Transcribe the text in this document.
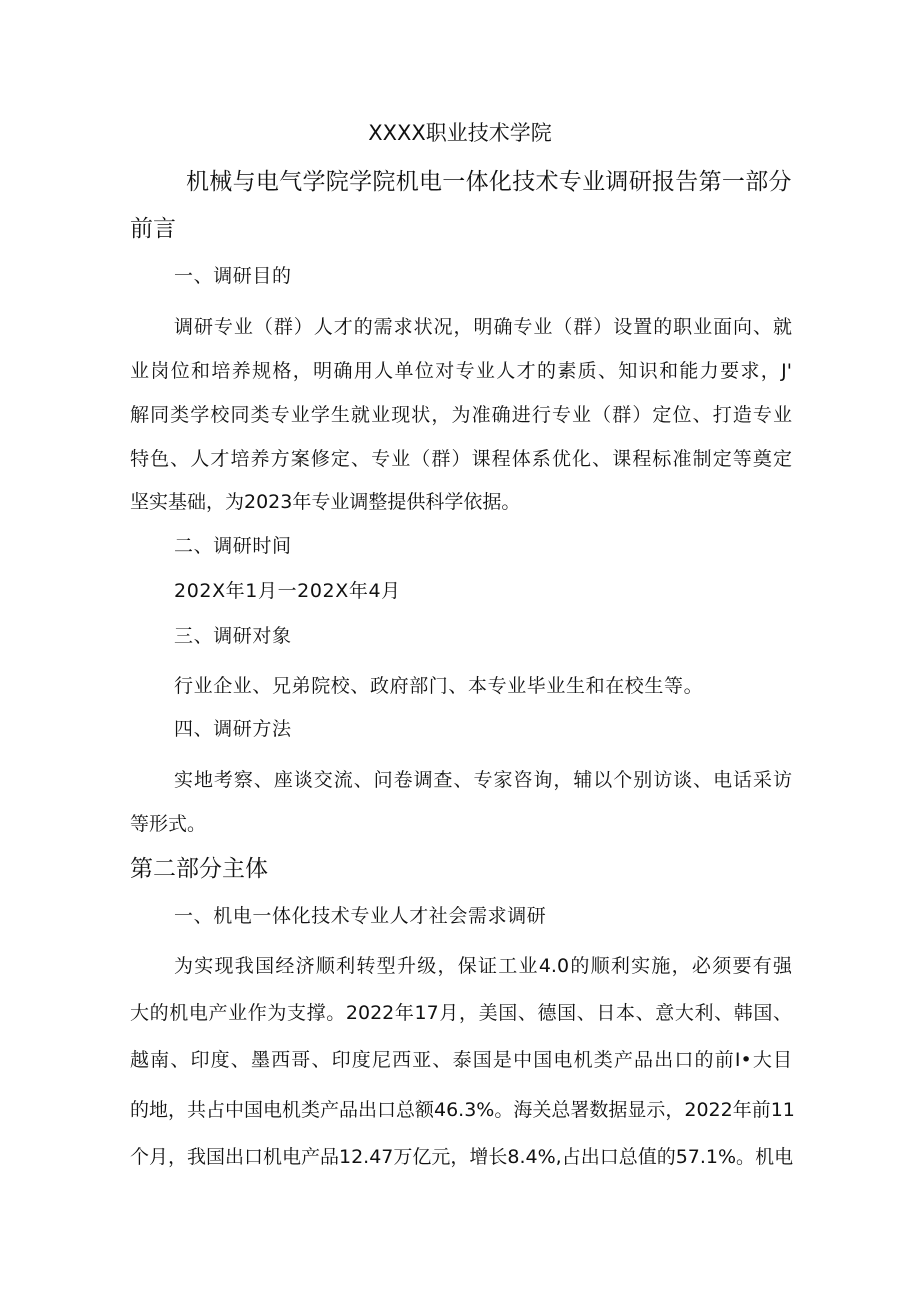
XXXX职业技术学院
机械与电气学院学院机电一体化技术专业调研报告第一部分
前言
一、调研目的
调研专业（群）人才的需求状况，明确专业（群）设置的职业面向、就
业岗位和培养规格，明确用人单位对专业人才的素质、知识和能力要求，J'
解同类学校同类专业学生就业现状，为准确进行专业（群）定位、打造专业
特色、人才培养方案修定、专业（群）课程体系优化、课程标准制定等奠定
坚实基础，为2023年专业调整提供科学依据。
二、调研时间
202X年1月一202X年4月
三、调研对象
行业企业、兄弟院校、政府部门、本专业毕业生和在校生等。
四、调研方法
实地考察、座谈交流、问卷调查、专家咨询，辅以个别访谈、电话采访
等形式。
第二部分主体
一、机电一体化技术专业人才社会需求调研
为实现我国经济顺利转型升级，保证工业4.0的顺利实施，必须要有强
大的机电产业作为支撑。2022年17月，美国、德国、日本、意大利、韩国、
越南、印度、墨西哥、印度尼西亚、泰国是中国电机类产品出口的前I•大目
的地，共占中国电机类产品出口总额46.3%。海关总署数据显示，2022年前11
个月，我国出口机电产品12.47万亿元，增长8.4%,占出口总值的57.1%。机电
